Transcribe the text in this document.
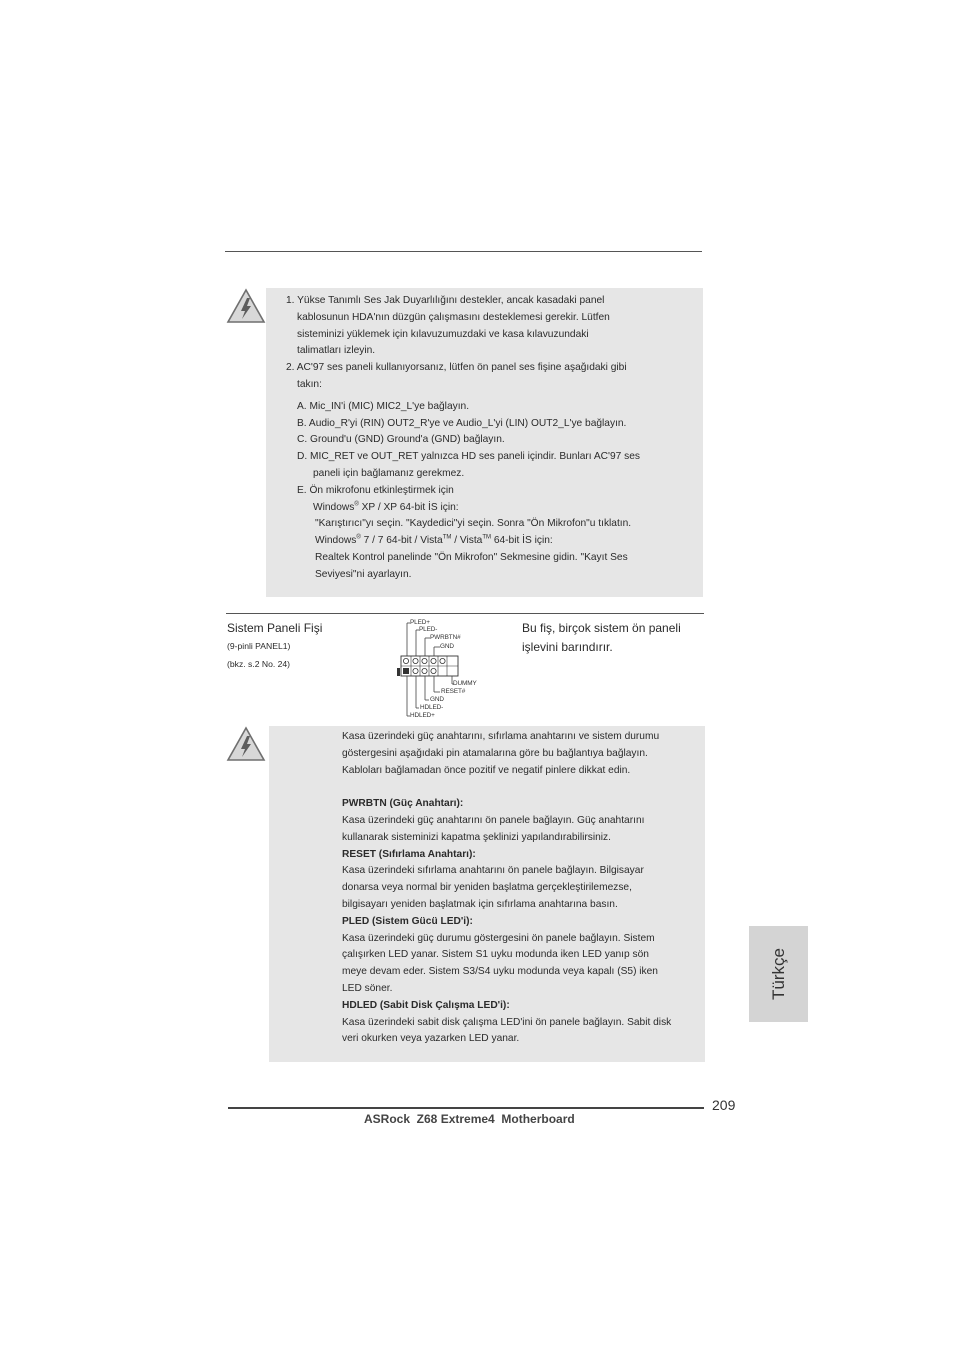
1. Yükse Tanımlı Ses Jak Duyarlılığını destekler, ancak kasadaki panel

kablosunun HDA'nın düzgün çalışmasını desteklemesi gerekir. Lütfen

sisteminizi yüklemek için kılavuzumuzdaki ve kasa kılavuzundaki

talimatları izleyin.

2. AC'97 ses paneli kullanıyorsanız, lütfen ön panel ses fişine aşağıdaki gibi

takın:

A. Mic_IN'i (MIC) MIC2_L'ye bağlayın.

B. Audio_R'yi (RIN) OUT2_R'ye ve Audio_L'yi (LIN) OUT2_L'ye bağlayın.

C. Ground'u (GND) Ground'a (GND) bağlayın.

D. MIC_RET ve OUT_RET yalnızca HD ses paneli içindir. Bunları AC'97 ses

paneli için bağlamanız gerekmez.

E. Ön mikrofonu etkinleştirmek için

Windows® XP / XP 64-bit İS için:

"Karıştırıcı"yı seçin. "Kaydedici"yi seçin. Sonra "Ön Mikrofon"u tıklatın.

Windows® 7 / 7 64-bit / Vista™ / Vista™ 64-bit İS için:

Realtek Kontrol panelinde "Ön Mikrofon" Sekmesine gidin. "Kayıt Ses

Seviyesi"ni ayarlayın.

Sistem Paneli Fişi
(9-pinli PANEL1)
(bkz. s.2 No. 24)
Bu fiş, birçok sistem ön paneli
işlevini barındırır.
PLED+
PLED-
PWRBTN#
GND
DUMMY
RESET#
GND
HDLED-
HDLED+

Kasa üzerindeki güç anahtarını, sıfırlama anahtarını ve sistem durumu

göstergesini aşağıdaki pin atamalarına göre bu bağlantıya bağlayın.

Kabloları bağlamadan önce pozitif ve negatif pinlere dikkat edin.

PWRBTN (Güç Anahtarı):

Kasa üzerindeki güç anahtarını ön panele bağlayın. Güç anahtarını

kullanarak sisteminizi kapatma şeklinizi yapılandırabilirsiniz.

RESET (Sıfırlama Anahtarı):

Kasa üzerindeki sıfırlama anahtarını ön panele bağlayın. Bilgisayar

donarsa veya normal bir yeniden başlatma gerçekleştirilemezse,

bilgisayarı yeniden başlatmak için sıfırlama anahtarına basın.

PLED (Sistem Gücü LED'i):

Kasa üzerindeki güç durumu göstergesini ön panele bağlayın. Sistem

çalışırken LED yanar. Sistem S1 uyku modunda iken LED yanıp sön

meye devam eder. Sistem S3/S4 uyku modunda veya kapalı (S5) iken

LED söner.

HDLED (Sabit Disk Çalışma LED'i):

Kasa üzerindeki sabit disk çalışma LED'ini ön panele bağlayın. Sabit disk

veri okurken veya yazarken LED yanar.

Türkçe
209
ASRock  Z68 Extreme4  Motherboard
